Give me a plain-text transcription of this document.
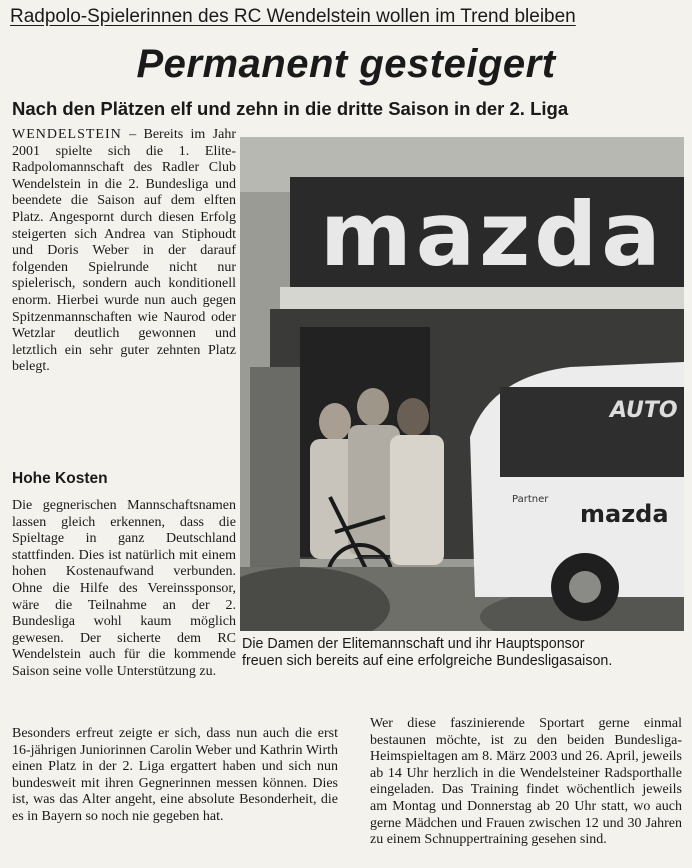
Radpolo-Spielerinnen des RC Wendelstein wollen im Trend bleiben
Permanent gesteigert
Nach den Plätzen elf und zehn in die dritte Saison in der 2. Liga

WENDELSTEIN – Bereits im Jahr 2001 spielte sich die 1. Elite-Radpolomannschaft des Radler Club Wendelstein in die 2. Bundesliga und beendete die Saison auf dem elften Platz. Angespornt durch diesen Erfolg steigerten sich Andrea van Stiphoudt und Doris Weber in der darauf folgenden Spielrunde nicht nur spielerisch, sondern auch konditionell enorm. Hierbei wurde nun auch gegen Spitzenmannschaften wie Naurod oder Wetzlar deutlich gewonnen und letztlich ein sehr guter zehnten Platz belegt.

Hohe Kosten

Die gegnerischen Mannschaftsnamen lassen gleich erkennen, dass die Spieltage in ganz Deutschland stattfinden. Dies ist natürlich mit einem hohen Kostenaufwand verbunden. Ohne die Hilfe des Vereinssponsor, wäre die Teilnahme an der 2. Bundesliga wohl kaum möglich gewesen. Der sicherte dem RC Wendelstein auch für die kommende Saison seine volle Unterstützung zu.

Besonders erfreut zeigte er sich, dass nun auch die erst 16-jährigen Juniorinnen Carolin Weber und Kathrin Wirth einen Platz in der 2. Liga ergattert haben und sich nun bundesweit mit ihren Gegnerinnen messen können. Dies ist, was das Alter angeht, eine absolute Besonderheit, die es in Bayern so noch nie gegeben hat.

Wer diese faszinierende Sportart gerne einmal bestaunen möchte, ist zu den beiden Bundesliga-Heimspieltagen am 8. März 2003 und 26. April, jeweils ab 14 Uhr herzlich in die Wendelsteiner Radsporthalle eingeladen. Das Training findet wöchentlich jeweils am Montag und Donnerstag ab 20 Uhr statt, wo auch gerne Mädchen und Frauen zwischen 12 und 30 Jahren zu einem Schnuppertraining gesehen sind.

mazda
AUTO
Partner
mazda
Die Damen der Elitemannschaft und ihr Hauptsponsor
freuen sich bereits auf eine erfolgreiche Bundesligasaison.
